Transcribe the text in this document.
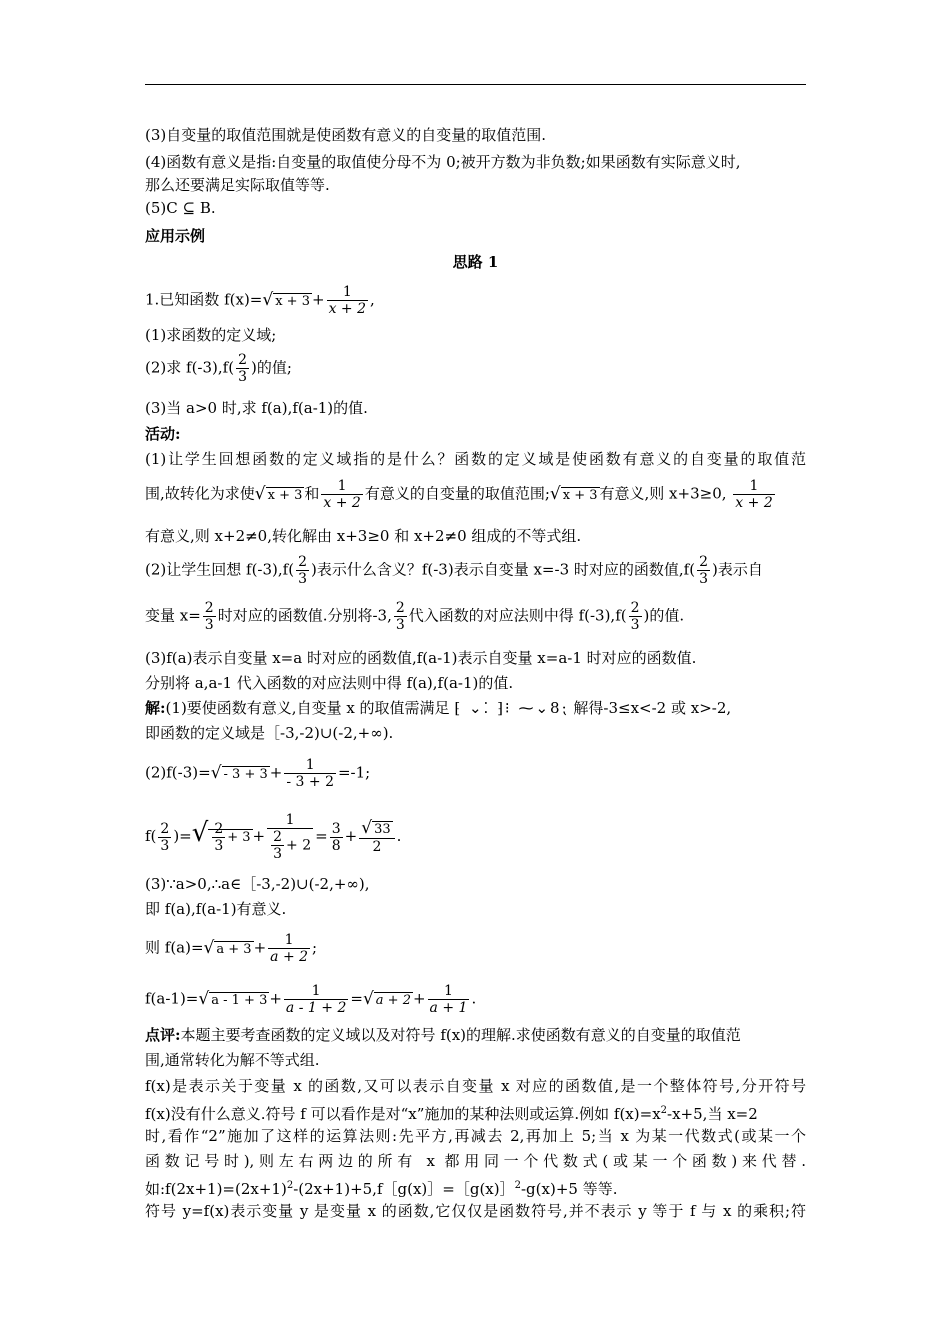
(3)自变量的取值范围就是使函数有意义的自变量的取值范围.
(4)函数有意义是指:自变量的取值使分母不为 0;被开方数为非负数;如果函数有实际意义时,
那么还要满足实际取值等等.
(5)C ⊆ B.
应用示例
思路 1
1.已知函数 f(x)=√ $x + 3 + \frac{1}{x + 2}$ ,
(1)求函数的定义域;
(2)求 $f(-3),f( \frac{2}{3}$ )的值;
(3)当 a>0 时,求 f(a),f(a-1)的值.
活动:
(1)让学生回想函数的定义域指的是什么？函数的定义域是使函数有意义的自变量的取值范
围,故转化为求使√ x + 3 和 $\frac{1}{x + 2}$ 有意义的自变量的取值范围;√ x + 3 有意义,则 x+3≥0, $\frac{1}{x + 2}$
有意义,则 x+2≠0,转化解由 x+3≥0 和 x+2≠0 组成的不等式组.
(2)让学生回想 $f(-3),f( \frac{2}{3}$ )表示什么含义？f(-3)表示自变量 x=-3 时对应的函数值$,f( \frac{2}{3}$ )表示自
变量 $x= \frac{2}{3}$ 时对应的函数值.分别将-3, $\frac{2}{3}$ 代入函数的对应法则中得 $f(-3),f( \frac{2}{3}$ )的值.
(3)f(a)表示自变量 x=a 时对应的函数值,f(a-1)表示自变量 x=a-1 时对应的函数值.
分别将 a,a-1 代入函数的对应法则中得 f(a),f(a-1)的值.
解:(1)要使函数有意义,自变量 x 的取值需满足 ⁅ ⌄⁚ ⁆⁝ ⁓⌄8⁏ 解得-3≤x<-2 或 x>-2,
即函数的定义域是［-3,-2)∪(-2,+∞).
$(2)f(-3)=√ - 3 + 3 + \frac{1}{- 3 + 2} =-1$;
$f( \frac{2}{3}$ )=√ $\frac{2}{3} + 3 + \frac{1}{\frac{2}{3} + 2} = \frac{3}{8} + \frac{√ 33}{2}$ .
(3)∵a>0,∴a∈［-3,-2)∪(-2,+∞),
即 f(a),f(a-1)有意义.
则 f(a)=√ $a + 3 + \frac{1}{a + 2}$ ;
f(a-1)=√ $a - 1 + 3 + \frac{1}{a - 1 + 2}$ =√ $a + 2 + \frac{1}{a + 1}$ .
点评:本题主要考查函数的定义域以及对符号 f(x)的理解.求使函数有意义的自变量的取值范
围,通常转化为解不等式组.
f(x)是表示关于变量 x 的函数,又可以表示自变量 x 对应的函数值,是一个整体符号,分开符号
f(x)没有什么意义.符号 f 可以看作是对“x”施加的某种法则或运算.例如 $f(x)=x^2-x+5$,当 x=2
时,看作“2”施加了这样的运算法则:先平方,再减去 2,再加上 5;当 x 为某一代数式(或某一个
函数记号时),则左右两边的所有 x 都用同一个代数式(或某一个函数)来代替.
如$:f(2x+1)=(2x+1)^2-(2x+1)+5,f[g(x)]=[g(x)]^2-g(x)+5$ 等等.
符号 y=f(x)表示变量 y 是变量 x 的函数,它仅仅是函数符号,并不表示 y 等于 f 与 x 的乘积;符
